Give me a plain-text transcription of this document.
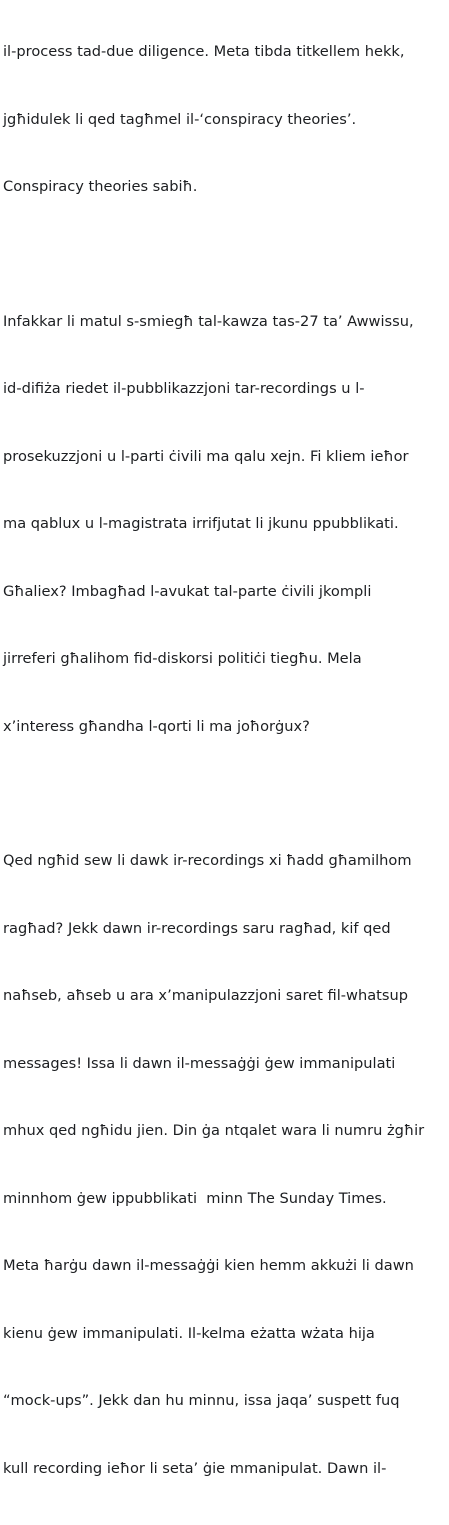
il-process tad-due diligence. Meta tibda titkellem hekk,

jgħidulek li qed tagħmel il-‘conspiracy theories’.

Conspiracy theories sabiħ.

Infakkar li matul s-smiegħ tal-kawza tas-27 ta’ Awwissu,

id-difiża riedet il-pubblikazzjoni tar-recordings u l-

prosekuzzjoni u l-parti ċivili ma qalu xejn. Fi kliem ieħor

ma qablux u l-magistrata irrifjutat li jkunu ppubblikati.

Għaliex? Imbagħad l-avukat tal-parte ċivili jkompli

jirreferi għalihom fid-diskorsi politiċi tiegħu. Mela

x’interess għandha l-qorti li ma joħorġux?

Qed ngħid sew li dawk ir-recordings xi ħadd għamilhom

ragħad? Jekk dawn ir-recordings saru ragħad, kif qed

naħseb, aħseb u ara x’manipulazzjoni saret fil-whatsup

messages! Issa li dawn il-messaġġi ġew immanipulati

mhux qed ngħidu jien. Din ġa ntqalet wara li numru żgħir

minnhom ġew ippubblikati  minn The Sunday Times.

Meta ħarġu dawn il-messaġġi kien hemm akkużi li dawn

kienu ġew immanipulati. Il-kelma eżatta wżata hija

“mock-ups”. Jekk dan hu minnu, issa jaqa’ suspett fuq

kull recording ieħor li seta’ ġie mmanipulat. Dawn il-
